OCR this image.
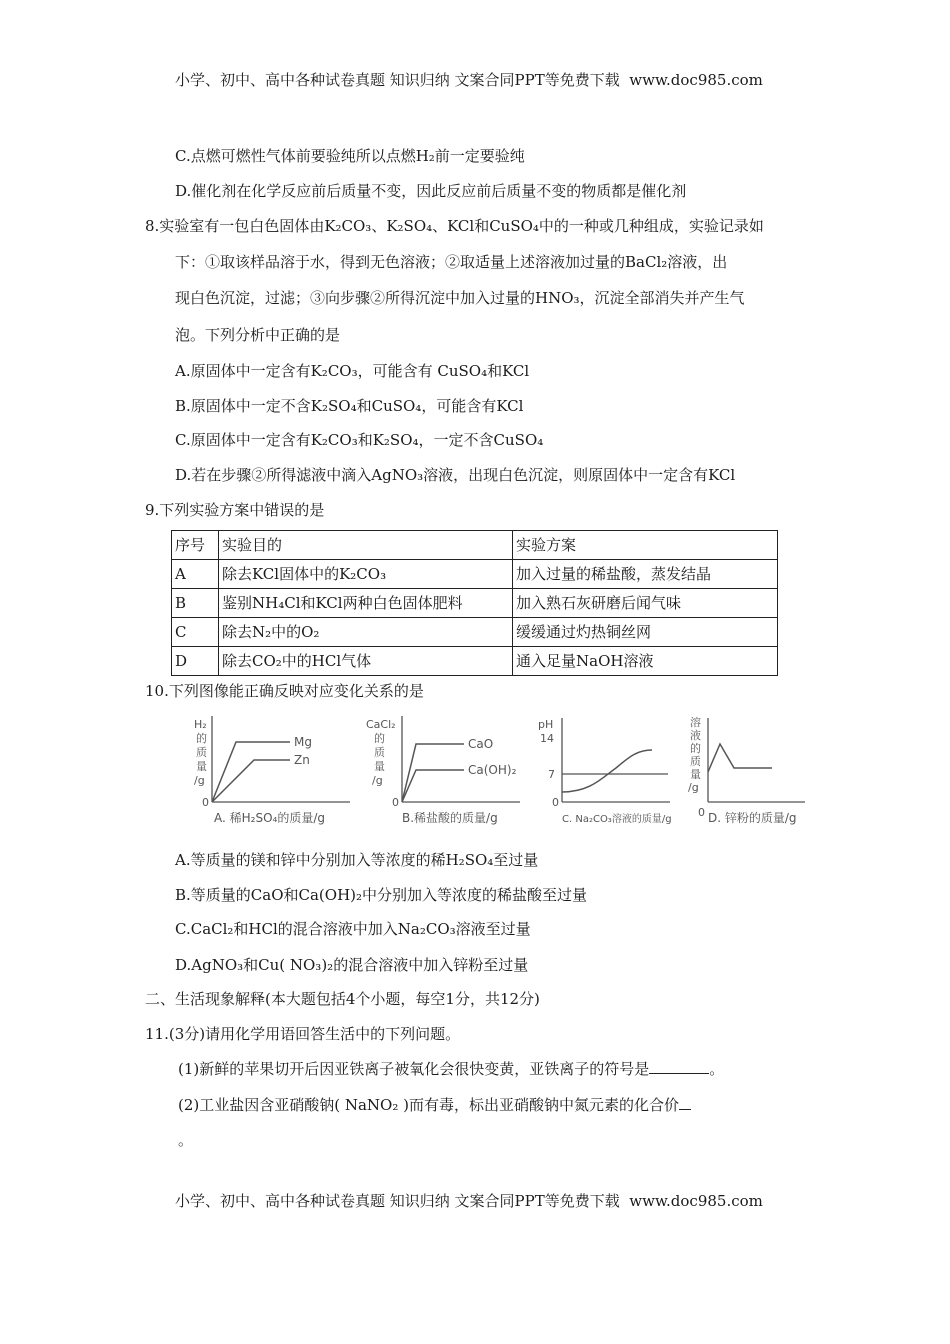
小学、初中、高中各种试卷真题 知识归纳 文案合同PPT等免费下载 www.doc985.com
C.点燃可燃性气体前要验纯所以点燃H₂前一定要验纯
D.催化剂在化学反应前后质量不变，因此反应前后质量不变的物质都是催化剂
8.实验室有一包白色固体由K₂CO₃、K₂SO₄、KCl和CuSO₄中的一种或几种组成，实验记录如
下：①取该样品溶于水，得到无色溶液；②取适量上述溶液加过量的BaCl₂溶液，出
现白色沉淀，过滤；③向步骤②所得沉淀中加入过量的HNO₃，沉淀全部消失并产生气
泡。下列分析中正确的是
A.原固体中一定含有K₂CO₃，可能含有 CuSO₄和KCl
B.原固体中一定不含K₂SO₄和CuSO₄，可能含有KCl
C.原固体中一定含有K₂CO₃和K₂SO₄，一定不含CuSO₄
D.若在步骤②所得滤液中滴入AgNO₃溶液，出现白色沉淀，则原固体中一定含有KCl
9.下列实验方案中错误的是
序号	实验目的	实验方案
A	除去KCl固体中的K₂CO₃	加入过量的稀盐酸，蒸发结晶
B	鉴别NH₄Cl和KCl两种白色固体肥料	加入熟石灰研磨后闻气味
C	除去N₂中的O₂	缓缓通过灼热铜丝网
D	除去CO₂中的HCl气体	通入足量NaOH溶液
10.下列图像能正确反映对应变化关系的是
H₂
的
质
量
/g
Mg
Zn
0
A. 稀H₂SO₄的质量/g
CaCl₂
的
质
量
/g
CaO
Ca(OH)₂
0
B.稀盐酸的质量/g
pH
14
7
0
C. Na₂CO₃溶液的质量/g
溶
液
的
质
量
/g
0 D. 锌粉的质量/g
A.等质量的镁和锌中分别加入等浓度的稀H₂SO₄至过量
B.等质量的CaO和Ca(OH)₂中分别加入等浓度的稀盐酸至过量
C.CaCl₂和HCl的混合溶液中加入Na₂CO₃溶液至过量
D.AgNO₃和Cu( NO₃)₂的混合溶液中加入锌粉至过量
二、生活现象解释(本大题包括4个小题，每空1分，共12分)
11.(3分)请用化学用语回答生活中的下列问题。
(1)新鲜的苹果切开后因亚铁离子被氧化会很快变黄，亚铁离子的符号是	。
(2)工业盐因含亚硝酸钠( NaNO₂ )而有毒，标出亚硝酸钠中氮元素的化合价
。
小学、初中、高中各种试卷真题 知识归纳 文案合同PPT等免费下载 www.doc985.com
